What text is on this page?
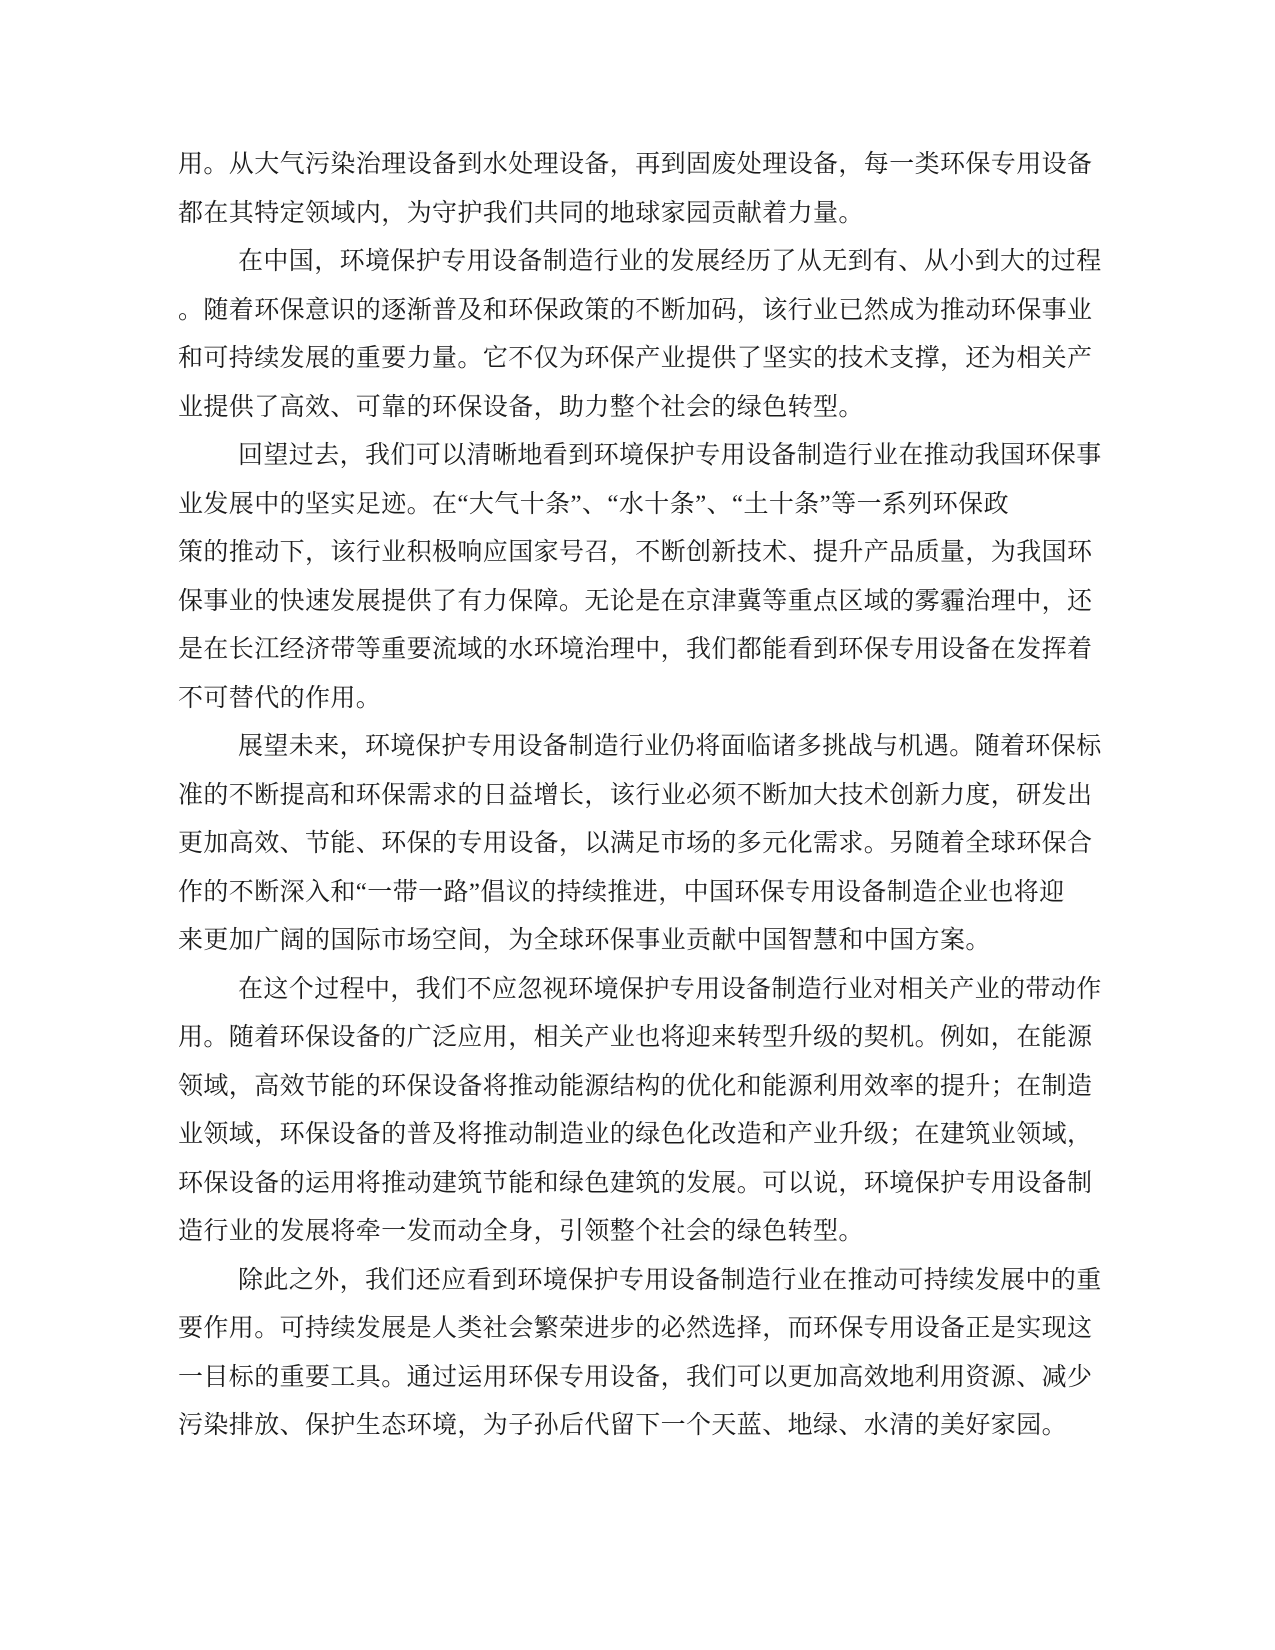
用。从大气污染治理设备到水处理设备，再到固废处理设备，每一类环保专用设备
都在其特定领域内，为守护我们共同的地球家园贡献着力量。
在中国，环境保护专用设备制造行业的发展经历了从无到有、从小到大的过程
。随着环保意识的逐渐普及和环保政策的不断加码，该行业已然成为推动环保事业
和可持续发展的重要力量。它不仅为环保产业提供了坚实的技术支撑，还为相关产
业提供了高效、可靠的环保设备，助力整个社会的绿色转型。
回望过去，我们可以清晰地看到环境保护专用设备制造行业在推动我国环保事
业发展中的坚实足迹。在“大气十条”、“水十条”、“土十条”等一系列环保政
策的推动下，该行业积极响应国家号召，不断创新技术、提升产品质量，为我国环
保事业的快速发展提供了有力保障。无论是在京津冀等重点区域的雾霾治理中，还
是在长江经济带等重要流域的水环境治理中，我们都能看到环保专用设备在发挥着
不可替代的作用。
展望未来，环境保护专用设备制造行业仍将面临诸多挑战与机遇。随着环保标
准的不断提高和环保需求的日益增长，该行业必须不断加大技术创新力度，研发出
更加高效、节能、环保的专用设备，以满足市场的多元化需求。另随着全球环保合
作的不断深入和“一带一路”倡议的持续推进，中国环保专用设备制造企业也将迎
来更加广阔的国际市场空间，为全球环保事业贡献中国智慧和中国方案。
在这个过程中，我们不应忽视环境保护专用设备制造行业对相关产业的带动作
用。随着环保设备的广泛应用，相关产业也将迎来转型升级的契机。例如，在能源
领域，高效节能的环保设备将推动能源结构的优化和能源利用效率的提升；在制造
业领域，环保设备的普及将推动制造业的绿色化改造和产业升级；在建筑业领域，
环保设备的运用将推动建筑节能和绿色建筑的发展。可以说，环境保护专用设备制
造行业的发展将牵一发而动全身，引领整个社会的绿色转型。
除此之外，我们还应看到环境保护专用设备制造行业在推动可持续发展中的重
要作用。可持续发展是人类社会繁荣进步的必然选择，而环保专用设备正是实现这
一目标的重要工具。通过运用环保专用设备，我们可以更加高效地利用资源、减少
污染排放、保护生态环境，为子孙后代留下一个天蓝、地绿、水清的美好家园。
